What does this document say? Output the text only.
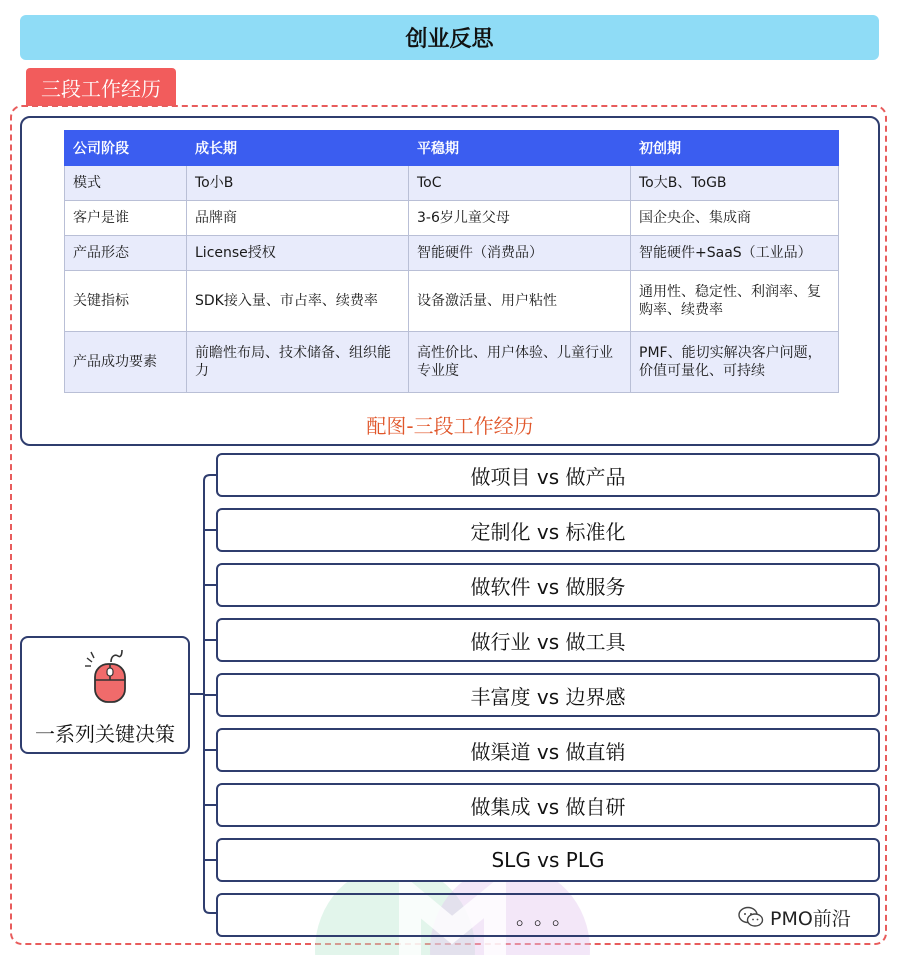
创业反思
三段工作经历
公司阶段	成长期	平稳期	初创期
模式	To小B	ToC	To大B、ToGB
客户是谁	品牌商	3-6岁儿童父母	国企央企、集成商
产品形态	License授权	智能硬件（消费品）	智能硬件+SaaS（工业品）
关键指标	SDK接入量、市占率、续费率	设备激活量、用户粘性	通用性、稳定性、利润率、复购率、续费率
产品成功要素	前瞻性布局、技术储备、组织能力	高性价比、用户体验、儿童行业专业度	PMF、能切实解决客户问题，价值可量化、可持续
配图-三段工作经历
一系列关键决策
做项目 vs 做产品
定制化 vs 标准化
做软件 vs 做服务
做行业 vs 做工具
丰富度 vs 边界感
做渠道 vs 做直销
做集成 vs 做自研
SLG vs PLG
。。。	PMO前沿
